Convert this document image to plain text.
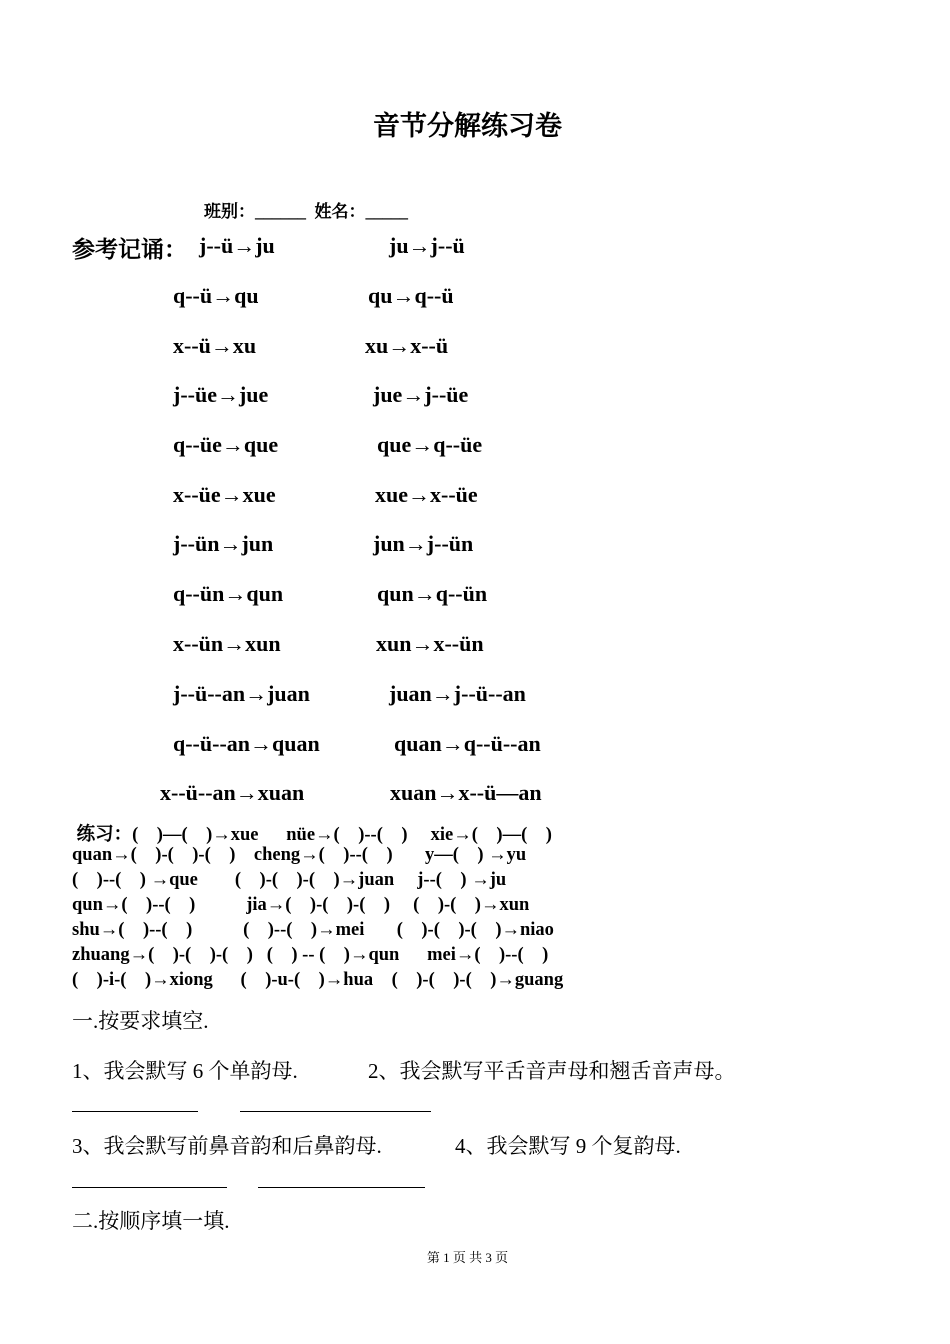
音节分解练习卷
班别：______  姓名：_____
参考记诵： j--ü→ju	ju→j--ü
q--ü→qu	qu→q--ü
x--ü→xu	xu→x--ü
j--üe→jue	jue→j--üe
q--üe→que	que→q--üe
x--üe→xue	xue→x--üe
j--ün→jun	jun→j--ün
q--ün→qun	qun→q--ün
x--ün→xun	xun→x--ün
j--ü--an→juan	juan→j--ü--an
q--ü--an→quan	quan→q--ü--an
x--ü--an→xuan	xuan→x--ü—an
练习：(    )—(    )→xue      nüe→(    )--(    )     xie→(    )—(    )
quan→(    )-(    )-(    )    cheng→(    )--(    )       y—(    ) →yu
(    )--(    ) →que        (    )-(    )-(    )→juan     j--(    ) →ju
qun→(    )--(    )           jia→(    )-(    )-(    )     (    )-(    )→xun
shu→(    )--(    )           (    )--(    )→mei       (    )-(    )-(    )→niao
zhuang→(    )-(    )-(    )   (    ) -- (    )→qun      mei→(    )--(    )
(    )-i-(    )→xiong      (    )-u-(    )→hua    (    )-(    )-(    )→guang
一.按要求填空.
1、我会默写 6 个单韵母.	2、我会默写平舌音声母和翘舌音声母。
3、我会默写前鼻音韵和后鼻韵母.	4、我会默写 9 个复韵母.
二.按顺序填一填.
第 1 页 共 3 页
